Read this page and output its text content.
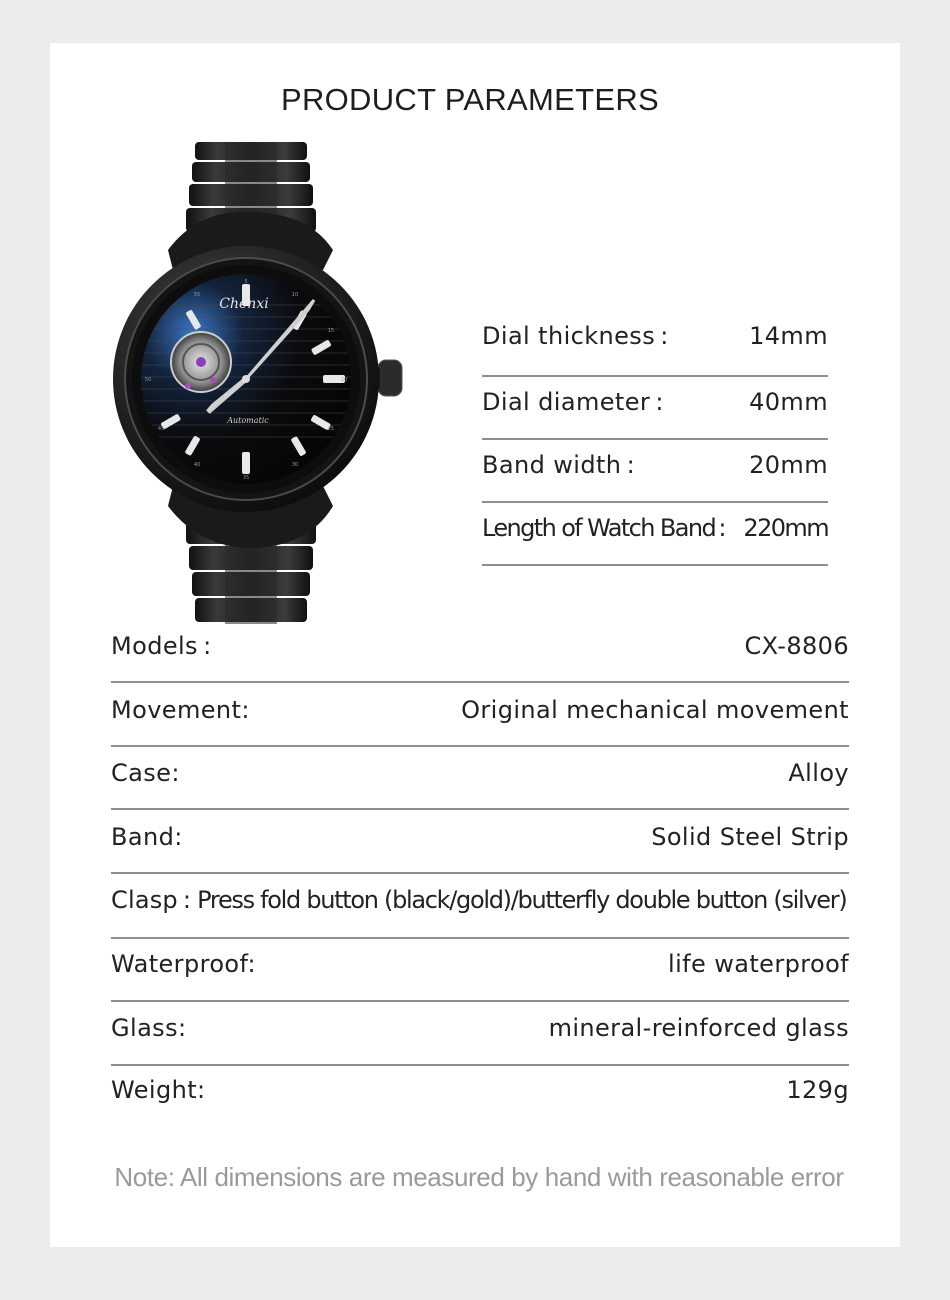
PRODUCT PARAMETERS
Chenxi
Automatic
55
5
10
15
20
25
30
35
40
45
50
Dial thickness :	14mm
Dial diameter :	40mm
Band width :	20mm
Length of Watch Band : 220mm
Models :	CX-8806
Movement:	Original mechanical movement
Case:	Alloy
Band:	Solid Steel Strip
Clasp : Press fold button (black/gold)/butterfly double button (silver)
Waterproof:	life waterproof
Glass:	mineral-reinforced glass
Weight:	129g
Note: All dimensions are measured by hand with reasonable error
